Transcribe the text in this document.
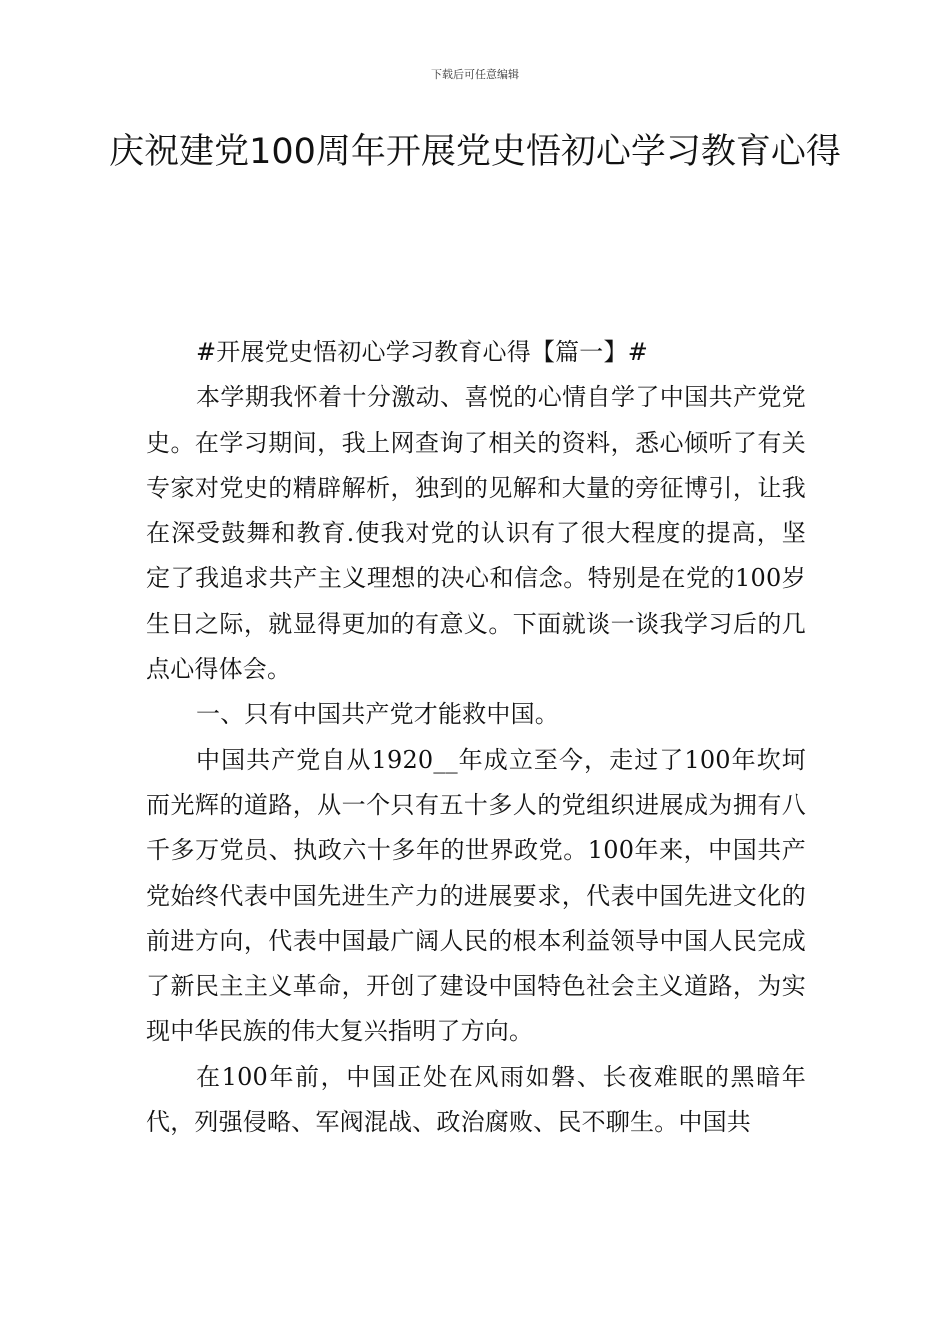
下载后可任意编辑
庆祝建党100周年开展党史悟初心学习教育心得

#开展党史悟初心学习教育心得【篇一】#

本学期我怀着十分激动、喜悦的心情自学了中国共产党党史。在学习期间，我上网查询了相关的资料，悉心倾听了有关专家对党史的精辟解析，独到的见解和大量的旁征博引，让我在深受鼓舞和教育.使我对党的认识有了很大程度的提高，坚定了我追求共产主义理想的决心和信念。特别是在党的100岁生日之际，就显得更加的有意义。下面就谈一谈我学习后的几点心得体会。

一、只有中国共产党才能救中国。

中国共产党自从1920__年成立至今，走过了100年坎坷而光辉的道路，从一个只有五十多人的党组织进展成为拥有八千多万党员、执政六十多年的世界政党。100年来，中国共产党始终代表中国先进生产力的进展要求，代表中国先进文化的前进方向，代表中国最广阔人民的根本利益领导中国人民完成了新民主主义革命，开创了建设中国特色社会主义道路，为实现中华民族的伟大复兴指明了方向。

在100年前，中国正处在风雨如磐、长夜难眠的黑暗年代，列强侵略、军阀混战、政治腐败、民不聊生。中国共
